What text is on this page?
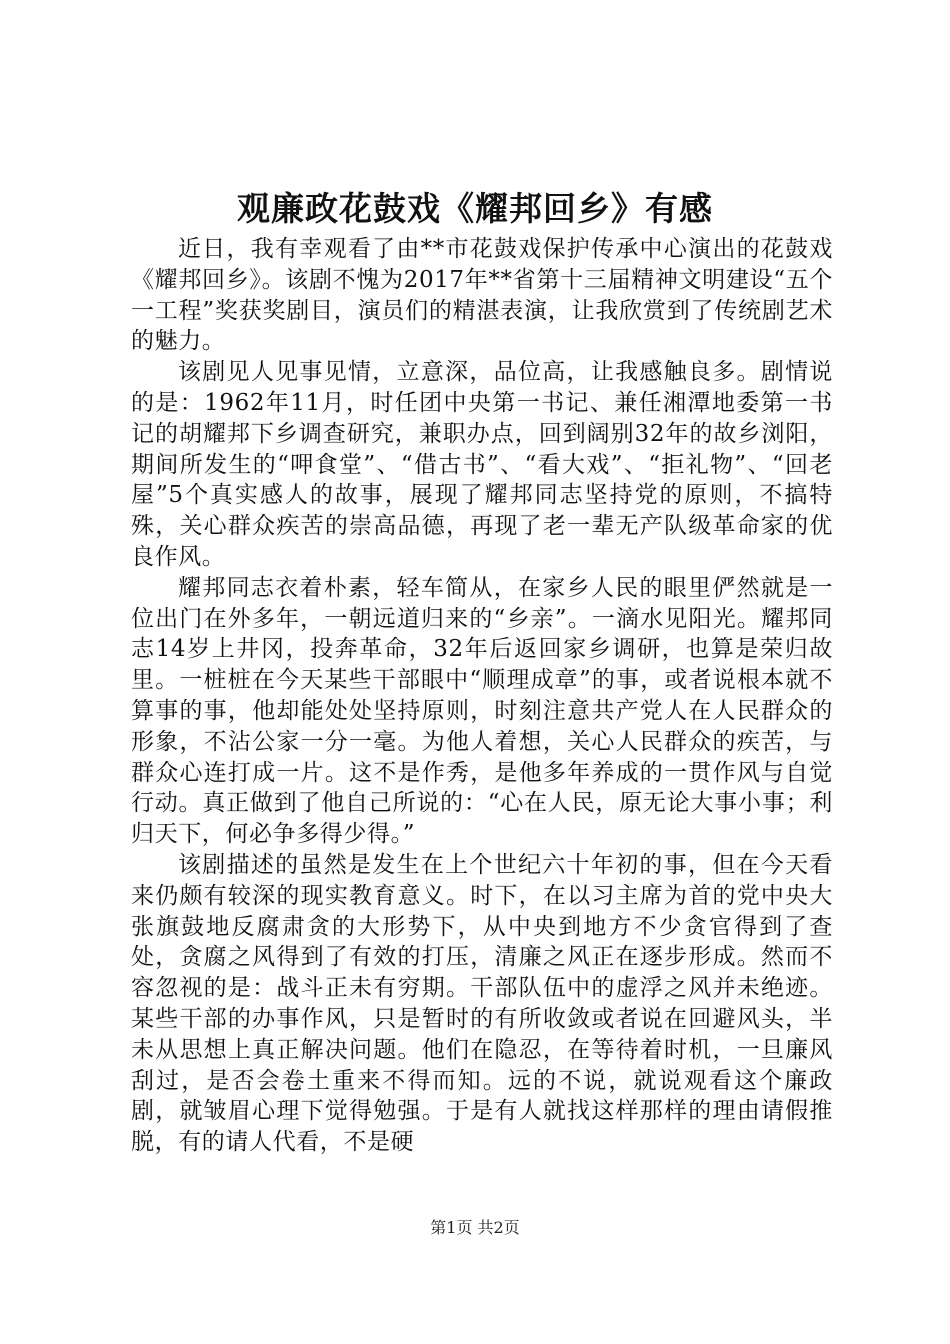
观廉政花鼓戏《耀邦回乡》有感

近日，我有幸观看了由**市花鼓戏保护传承中心演出的花鼓戏《耀邦回乡》。该剧不愧为2017年**省第十三届精神文明建设“五个一工程”奖获奖剧目，演员们的精湛表演，让我欣赏到了传统剧艺术的魅力。

该剧见人见事见情，立意深，品位高，让我感触良多。剧情说的是：1962年11月，时任团中央第一书记、兼任湘潭地委第一书记的胡耀邦下乡调查研究，兼职办点，回到阔别32年的故乡浏阳，期间所发生的“呷食堂”、“借古书”、“看大戏”、“拒礼物”、“回老屋”5个真实感人的故事，展现了耀邦同志坚持党的原则，不搞特殊，关心群众疾苦的崇高品德，再现了老一辈无产队级革命家的优良作风。

耀邦同志衣着朴素，轻车简从，在家乡人民的眼里俨然就是一位出门在外多年，一朝远道归来的“乡亲”。一滴水见阳光。耀邦同志14岁上井冈，投奔革命，32年后返回家乡调研，也算是荣归故里。一桩桩在今天某些干部眼中“顺理成章”的事，或者说根本就不算事的事，他却能处处坚持原则，时刻注意共产党人在人民群众的形象，不沾公家一分一毫。为他人着想，关心人民群众的疾苦，与群众心连打成一片。这不是作秀，是他多年养成的一贯作风与自觉行动。真正做到了他自己所说的：“心在人民，原无论大事小事；利归天下，何必争多得少得。”

该剧描述的虽然是发生在上个世纪六十年初的事，但在今天看来仍颇有较深的现实教育意义。时下，在以习主席为首的党中央大张旗鼓地反腐肃贪的大形势下，从中央到地方不少贪官得到了查处，贪腐之风得到了有效的打压，清廉之风正在逐步形成。然而不容忽视的是：战斗正未有穷期。干部队伍中的虚浮之风并未绝迹。某些干部的办事作风，只是暂时的有所收敛或者说在回避风头，半未从思想上真正解决问题。他们在隐忍，在等待着时机，一旦廉风刮过，是否会卷土重来不得而知。远的不说，就说观看这个廉政剧，就皱眉心理下觉得勉强。于是有人就找这样那样的理由请假推脱，有的请人代看，不是硬

第1页 共2页
